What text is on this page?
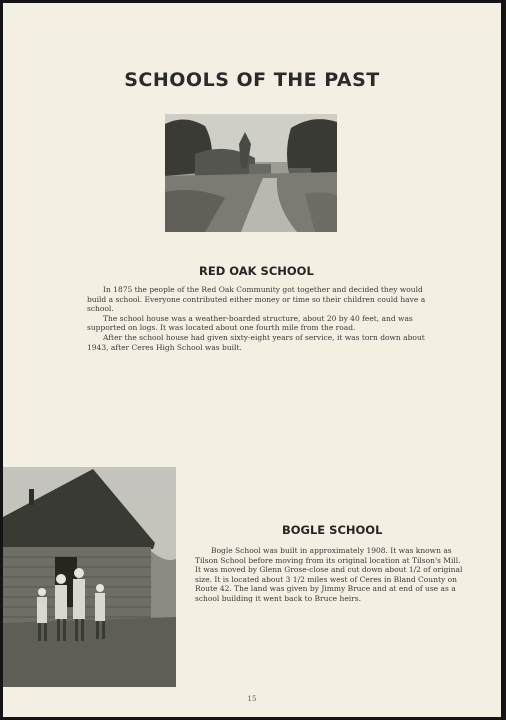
SCHOOLS OF THE PAST
RED OAK SCHOOL

In 1875 the people of the Red Oak Community got together and decided they would build a school. Everyone contributed either money or time so their children could have a school.

The school house was a weather-boarded structure, about 20 by 40 feet, and was supported on logs. It was located about one fourth mile from the road.

After the school house had given sixty-eight years of service, it was torn down about 1943, after Ceres High School was built.

BOGLE SCHOOL

Bogle School was built in approximately 1908. It was known as Tilson School before moving from its original location at Tilson's Mill. It was moved by Glenn Grose-close and cut down about 1/2 of original size. It is located about 3 1/2 miles west of Ceres in Bland County on Route 42. The land was given by Jimmy Bruce and at end of use as a school building it went back to Bruce heirs.

15
